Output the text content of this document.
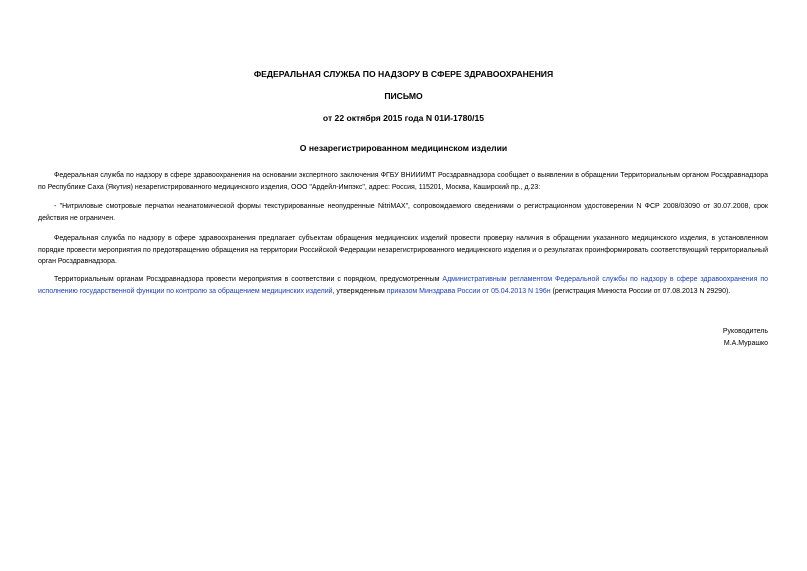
ФЕДЕРАЛЬНАЯ СЛУЖБА ПО НАДЗОРУ В СФЕРЕ ЗДРАВООХРАНЕНИЯ
ПИСЬМО
от 22 октября 2015 года N 01И-1780/15
О незарегистрированном медицинском изделии

Федеральная служба по надзору в сфере здравоохранения на основании экспертного заключения ФГБУ ВНИИИМТ Росздравнадзора сообщает о выявлении в обращении Территориальным органом Росздравнадзора по Республике Саха (Якутия) незарегистрированного медицинского изделия, ООО "Ардейл-Импэкс", адрес: Россия, 115201, Москва, Каширский пр., д.23:

- "Нитриловые смотровые перчатки неанатомической формы текстурированные неопудренные NitriMAX", сопровождаемого сведениями о регистрационном удостоверении N ФСР 2008/03090 от 30.07.2008, срок действия не ограничен.

Федеральная служба по надзору в сфере здравоохранения предлагает субъектам обращения медицинских изделий провести проверку наличия в обращении указанного медицинского изделия, в установленном порядке провести мероприятия по предотвращению обращения на территории Российской Федерации незарегистрированного медицинского изделия и о результатах проинформировать соответствующий территориальный орган Росздравнадзора.

Территориальным органам Росздравнадзора провести мероприятия в соответствии с порядком, предусмотренным Административным регламентом Федеральной службы по надзору в сфере здравоохранения по исполнению государственной функции по контролю за обращением медицинских изделий, утвержденным приказом Минздрава России от 05.04.2013 N 196н (регистрация Минюста России от 07.08.2013 N 29290).

Руководитель
М.А.Мурашко
